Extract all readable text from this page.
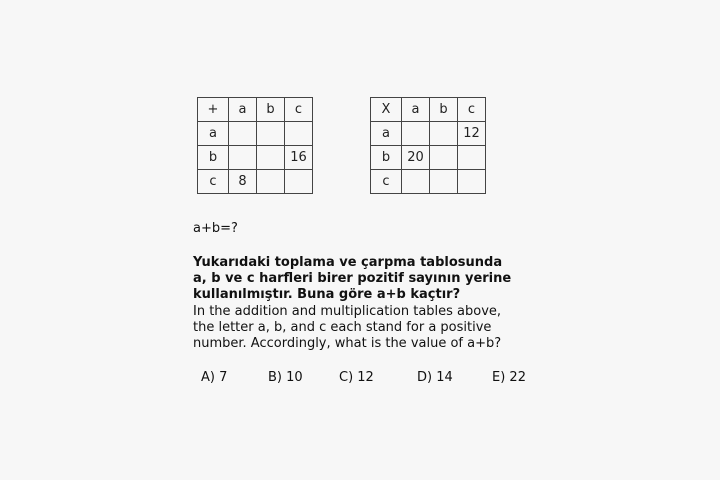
+	a	b	c
a			
b			16
c	8		
X	a	b	c
a			12
b	20		
c			
a+b=?
Yukarıdaki toplama ve çarpma tablosunda
a, b ve c harfleri birer pozitif sayının yerine
kullanılmıştır. Buna göre a+b kaçtır?
In the addition and multiplication tables above,
the letter a, b, and c each stand for a positive
number. Accordingly, what is the value of a+b?
A) 7	B) 10	C) 12	D) 14	E) 22
